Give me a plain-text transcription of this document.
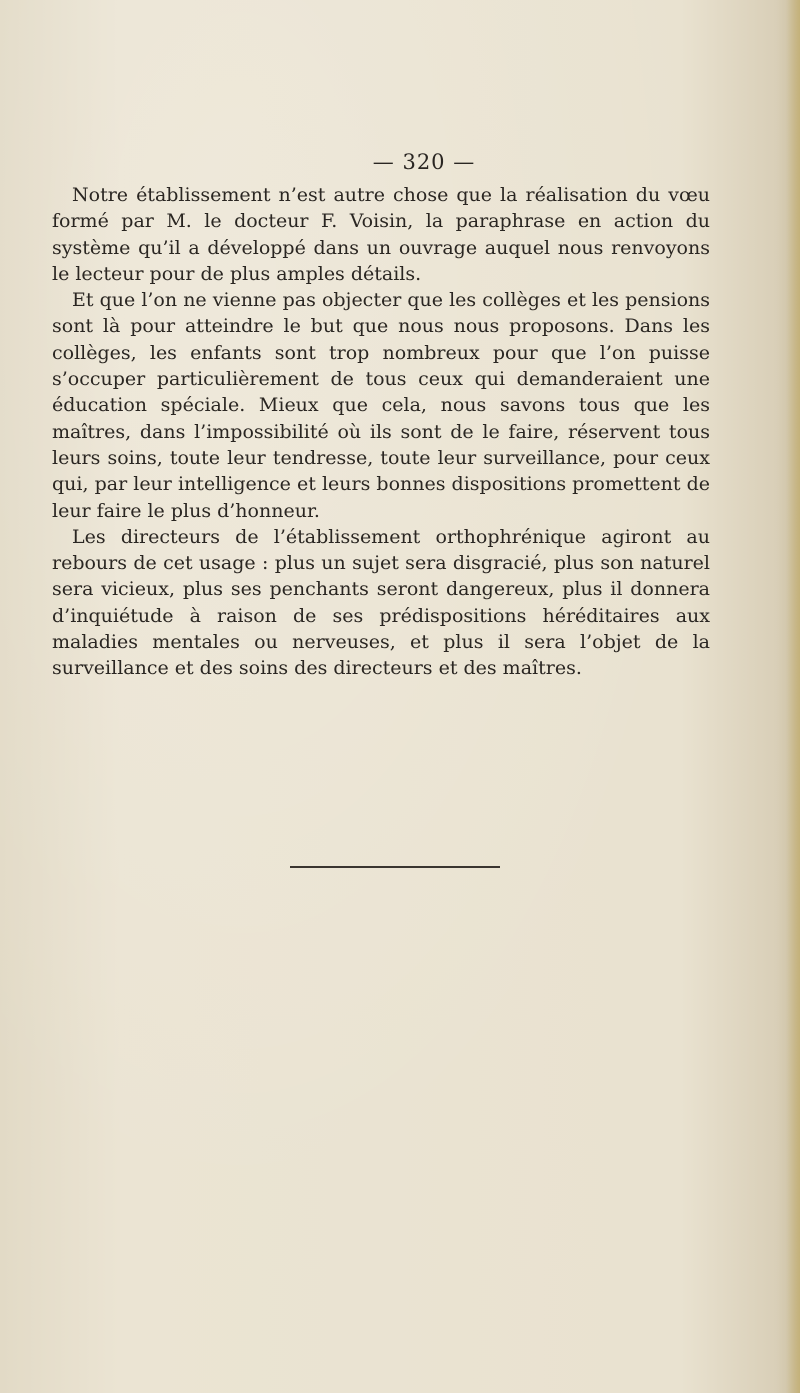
— 320 —

Notre établissement n’est autre chose que la réalisation du vœu formé par M. le docteur F. Voisin, la paraphrase en action du système qu’il a développé dans un ouvrage auquel nous renvoyons le lecteur pour de plus amples détails.

Et que l’on ne vienne pas objecter que les collèges et les pensions sont là pour atteindre le but que nous nous proposons. Dans les collèges, les enfants sont trop nombreux pour que l’on puisse s’occuper particulièrement de tous ceux qui demanderaient une éducation spéciale. Mieux que cela, nous savons tous que les maîtres, dans l’impossibilité où ils sont de le faire, réservent tous leurs soins, toute leur tendresse, toute leur surveillance, pour ceux qui, par leur intelligence et leurs bonnes dispositions promettent de leur faire le plus d’honneur.

Les directeurs de l’établissement orthophrénique agiront au rebours de cet usage : plus un sujet sera disgracié, plus son naturel sera vicieux, plus ses penchants seront dangereux, plus il donnera d’inquiétude à raison de ses prédispositions héréditaires aux maladies mentales ou nerveuses, et plus il sera l’objet de la surveillance et des soins des directeurs et des maîtres.
